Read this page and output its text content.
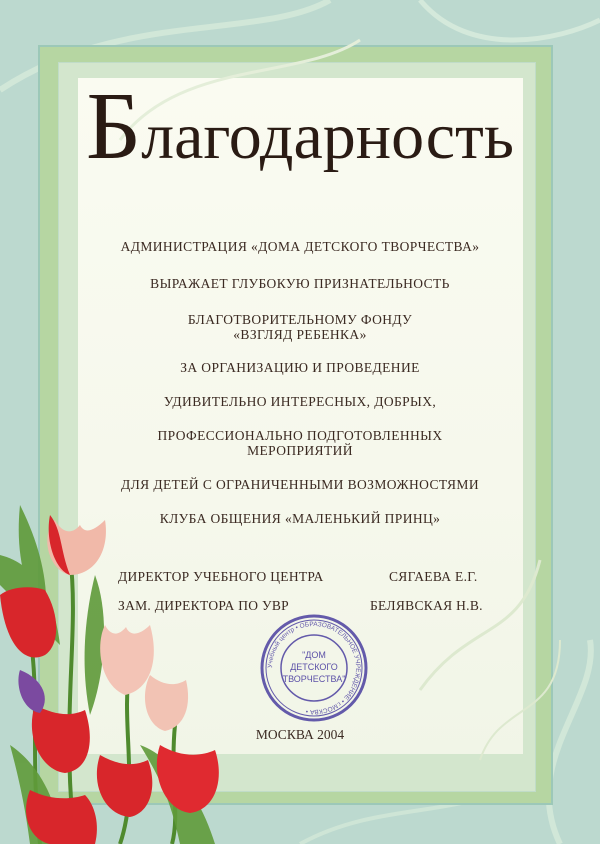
Благодарность
АДМИНИСТРАЦИЯ «ДОМА ДЕТСКОГО ТВОРЧЕСТВА»
ВЫРАЖАЕТ ГЛУБОКУЮ ПРИЗНАТЕЛЬНОСТЬ
БЛАГОТВОРИТЕЛЬНОМУ ФОНДУ
«ВЗГЛЯД РЕБЕНКА»
ЗА ОРГАНИЗАЦИЮ И ПРОВЕДЕНИЕ
УДИВИТЕЛЬНО ИНТЕРЕСНЫХ, ДОБРЫХ,
ПРОФЕССИОНАЛЬНО ПОДГОТОВЛЕННЫХ
МЕРОПРИЯТИЙ
ДЛЯ ДЕТЕЙ С ОГРАНИЧЕННЫМИ ВОЗМОЖНОСТЯМИ
КЛУБА ОБЩЕНИЯ «МАЛЕНЬКИЙ ПРИНЦ»
ДИРЕКТОР УЧЕБНОГО ЦЕНТРА	СЯГАЕВА Е.Г.
ЗАМ. ДИРЕКТОРА ПО УВР	БЕЛЯВСКАЯ Н.В.
Учебный центр • ОБРАЗОВАТЕЛЬНОЕ УЧРЕЖДЕНИЕ • г.МОСКВА •
"ДОМ
ДЕТСКОГО
ТВОРЧЕСТВА"
МОСКВА 2004
